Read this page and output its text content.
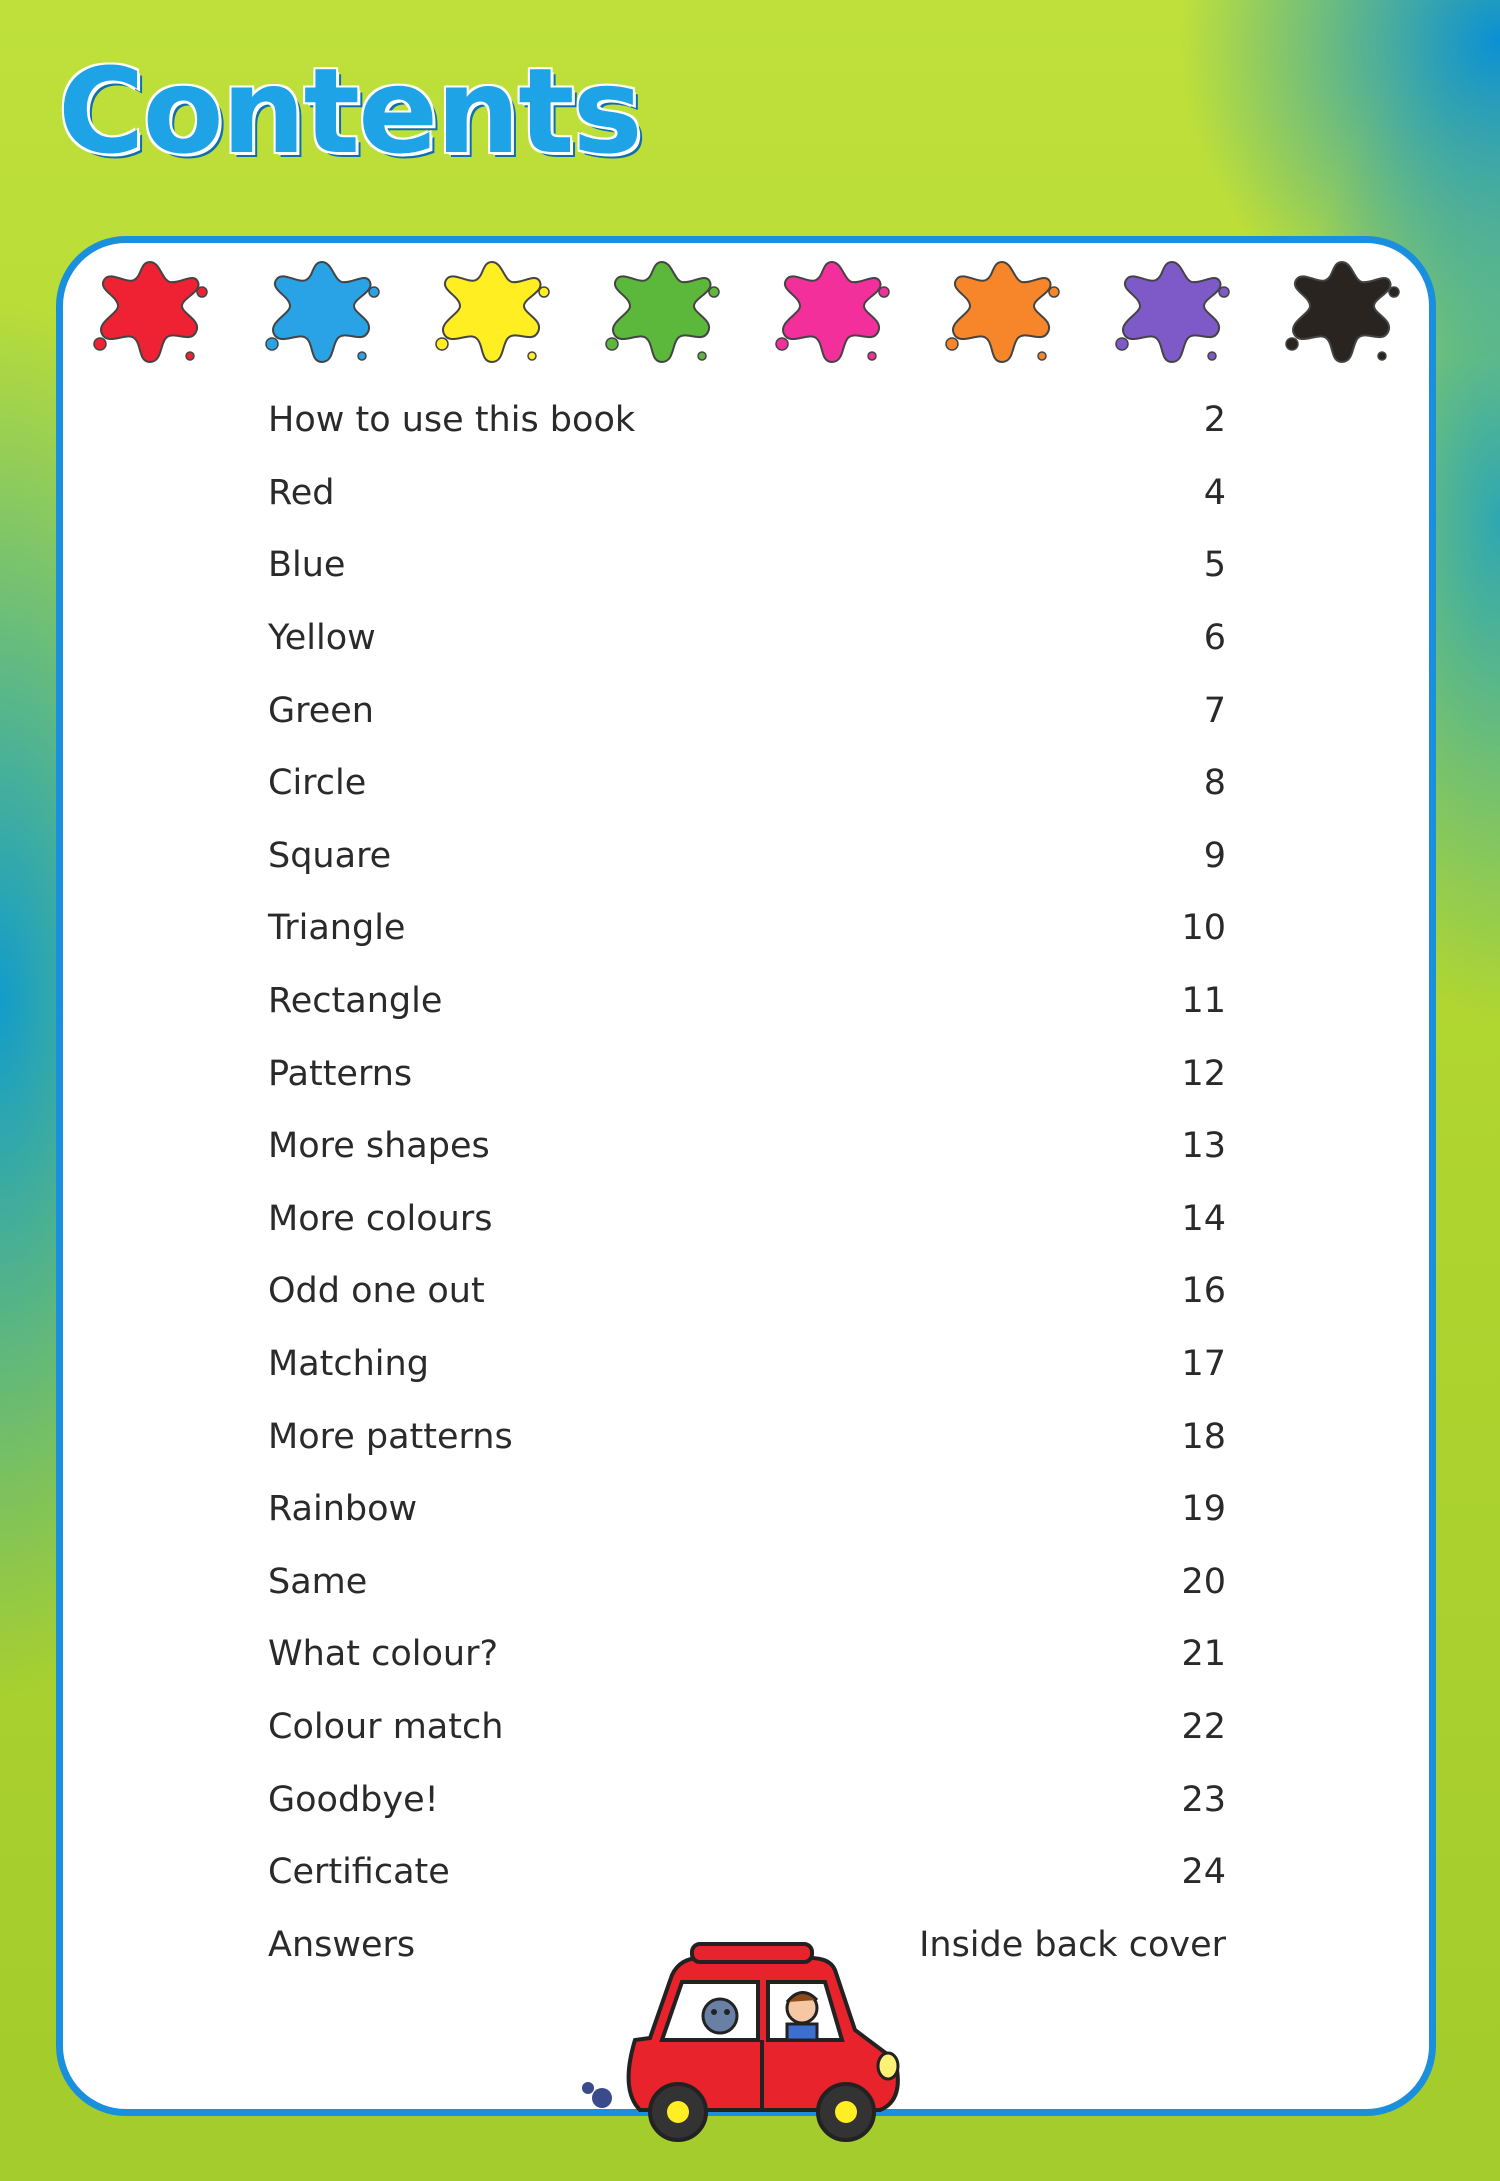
Contents
How to use this book	2
Red	4
Blue	5
Yellow	6
Green	7
Circle	8
Square	9
Triangle	10
Rectangle	11
Patterns	12
More shapes	13
More colours	14
Odd one out	16
Matching	17
More patterns	18
Rainbow	19
Same	20
What colour?	21
Colour match	22
Goodbye!	23
Certificate	24
Answers	Inside back cover
